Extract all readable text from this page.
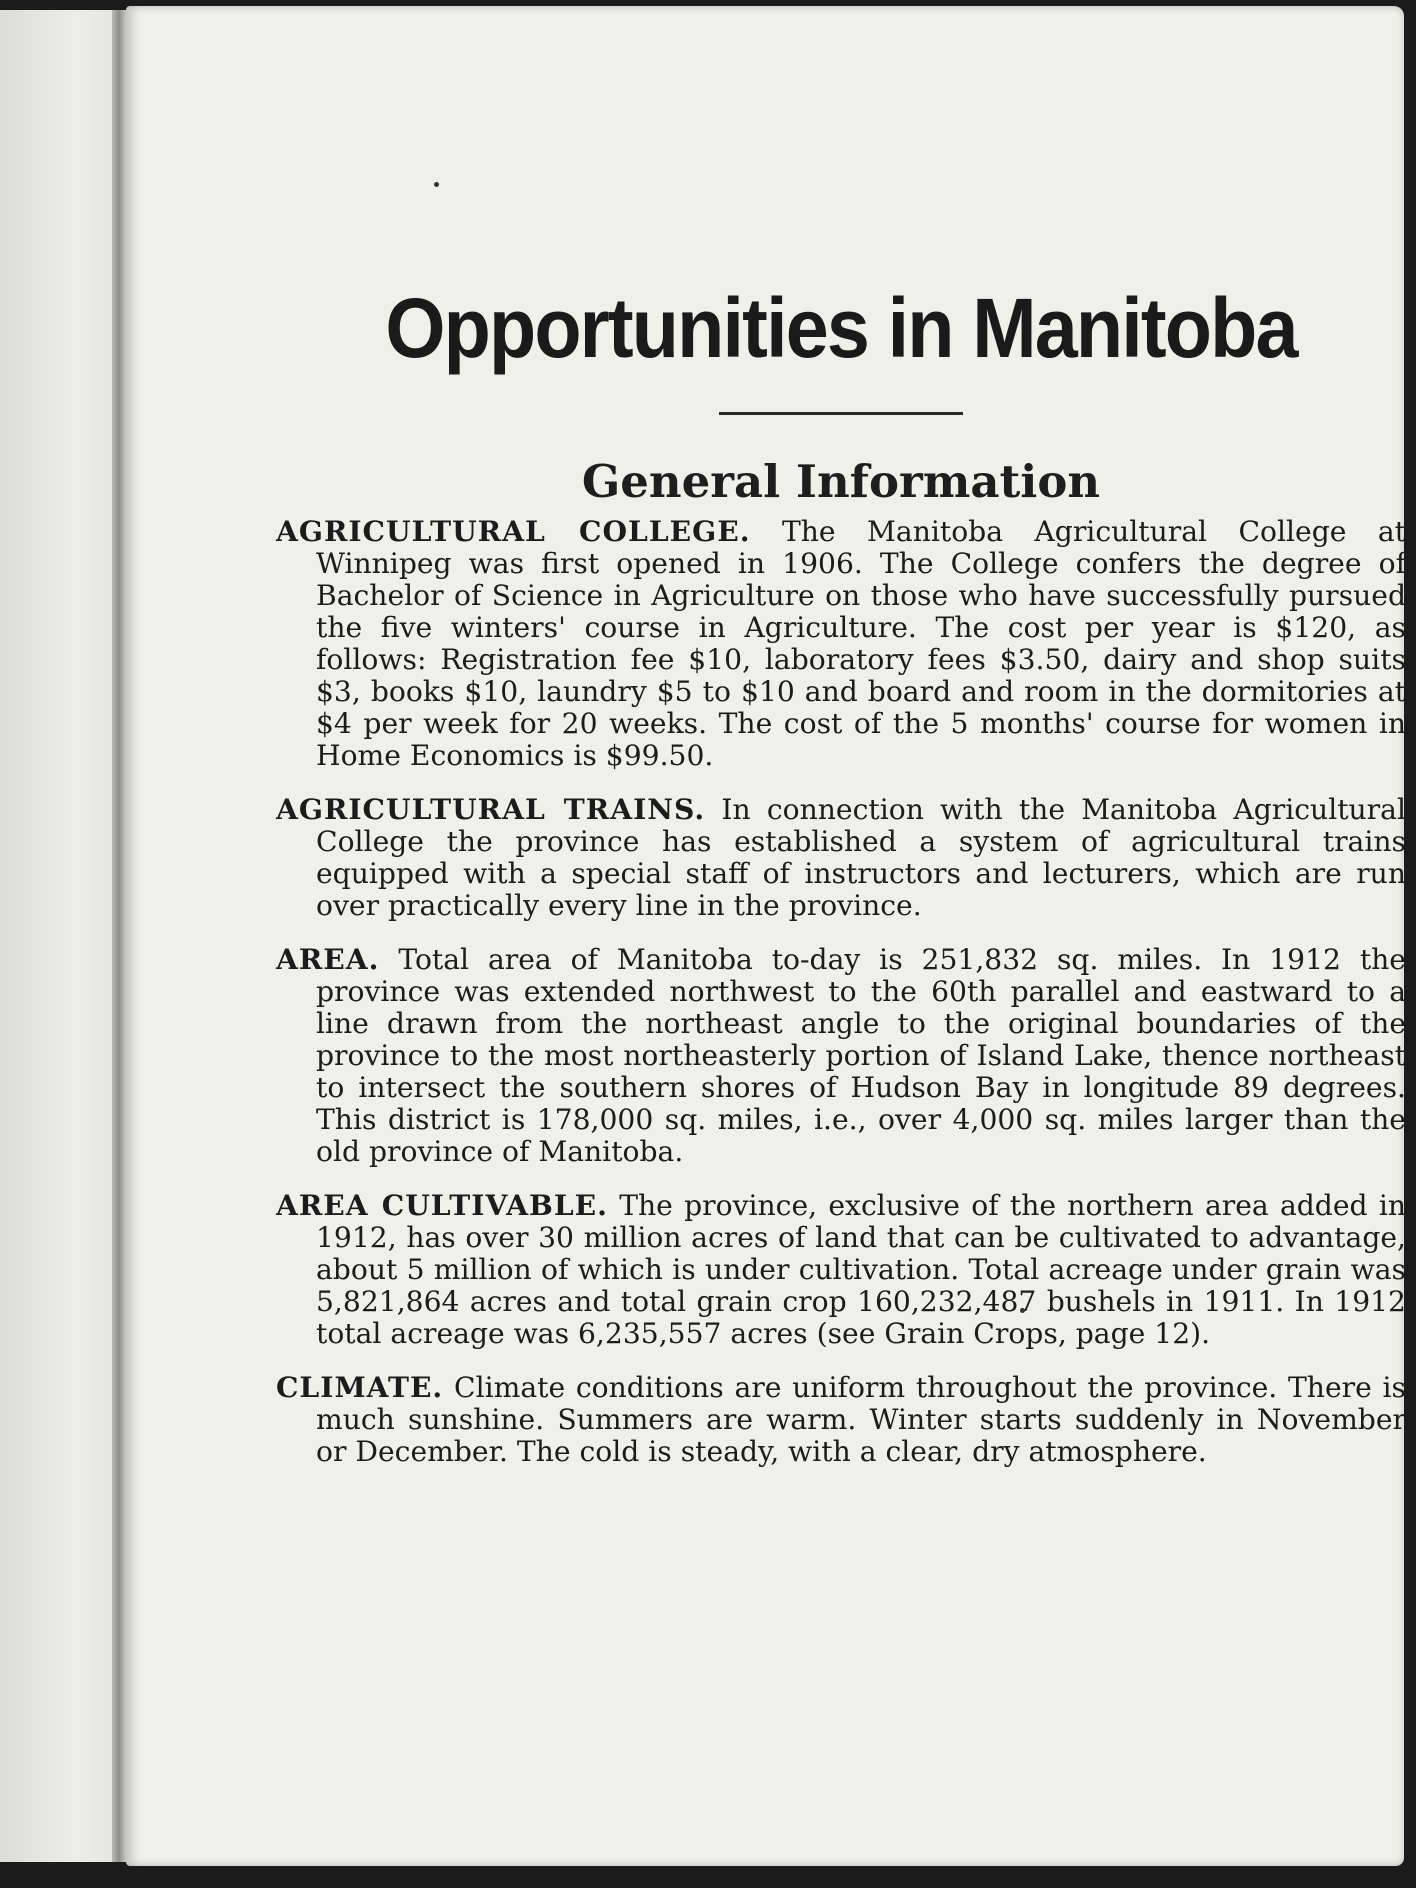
Opportunities in Manitoba
General Information

AGRICULTURAL COLLEGE. The Manitoba Agricultural College at Winnipeg was first opened in 1906. The College confers the degree of Bachelor of Science in Agriculture on those who have successfully pursued the five winters' course in Agriculture. The cost per year is $120, as follows: Registration fee $10, laboratory fees $3.50, dairy and shop suits $3, books $10, laundry $5 to $10 and board and room in the dormitories at $4 per week for 20 weeks. The cost of the 5 months' course for women in Home Economics is $99.50.

AGRICULTURAL TRAINS. In connection with the Manitoba Agricultural College the province has established a system of agricultural trains equipped with a special staff of instructors and lecturers, which are run over practically every line in the province.

AREA. Total area of Manitoba to-day is 251,832 sq. miles. In 1912 the province was extended northwest to the 60th parallel and eastward to a line drawn from the northeast angle to the original boundaries of the province to the most northeasterly portion of Island Lake, thence northeast to intersect the southern shores of Hudson Bay in longitude 89 degrees. This district is 178,000 sq. miles, i.e., over 4,000 sq. miles larger than the old province of Manitoba.

AREA CULTIVABLE. The province, exclusive of the northern area added in 1912, has over 30 million acres of land that can be cultivated to advantage, about 5 million of which is under cultivation. Total acreage under grain was 5,821,864 acres and total grain crop 160,232,487 bushels in 1911. In 1912 total acreage was 6,235,557 acres (see Grain Crops, page 12).

CLIMATE. Climate conditions are uniform throughout the province. There is much sunshine. Summers are warm. Winter starts suddenly in November or December. The cold is steady, with a clear, dry atmosphere.
